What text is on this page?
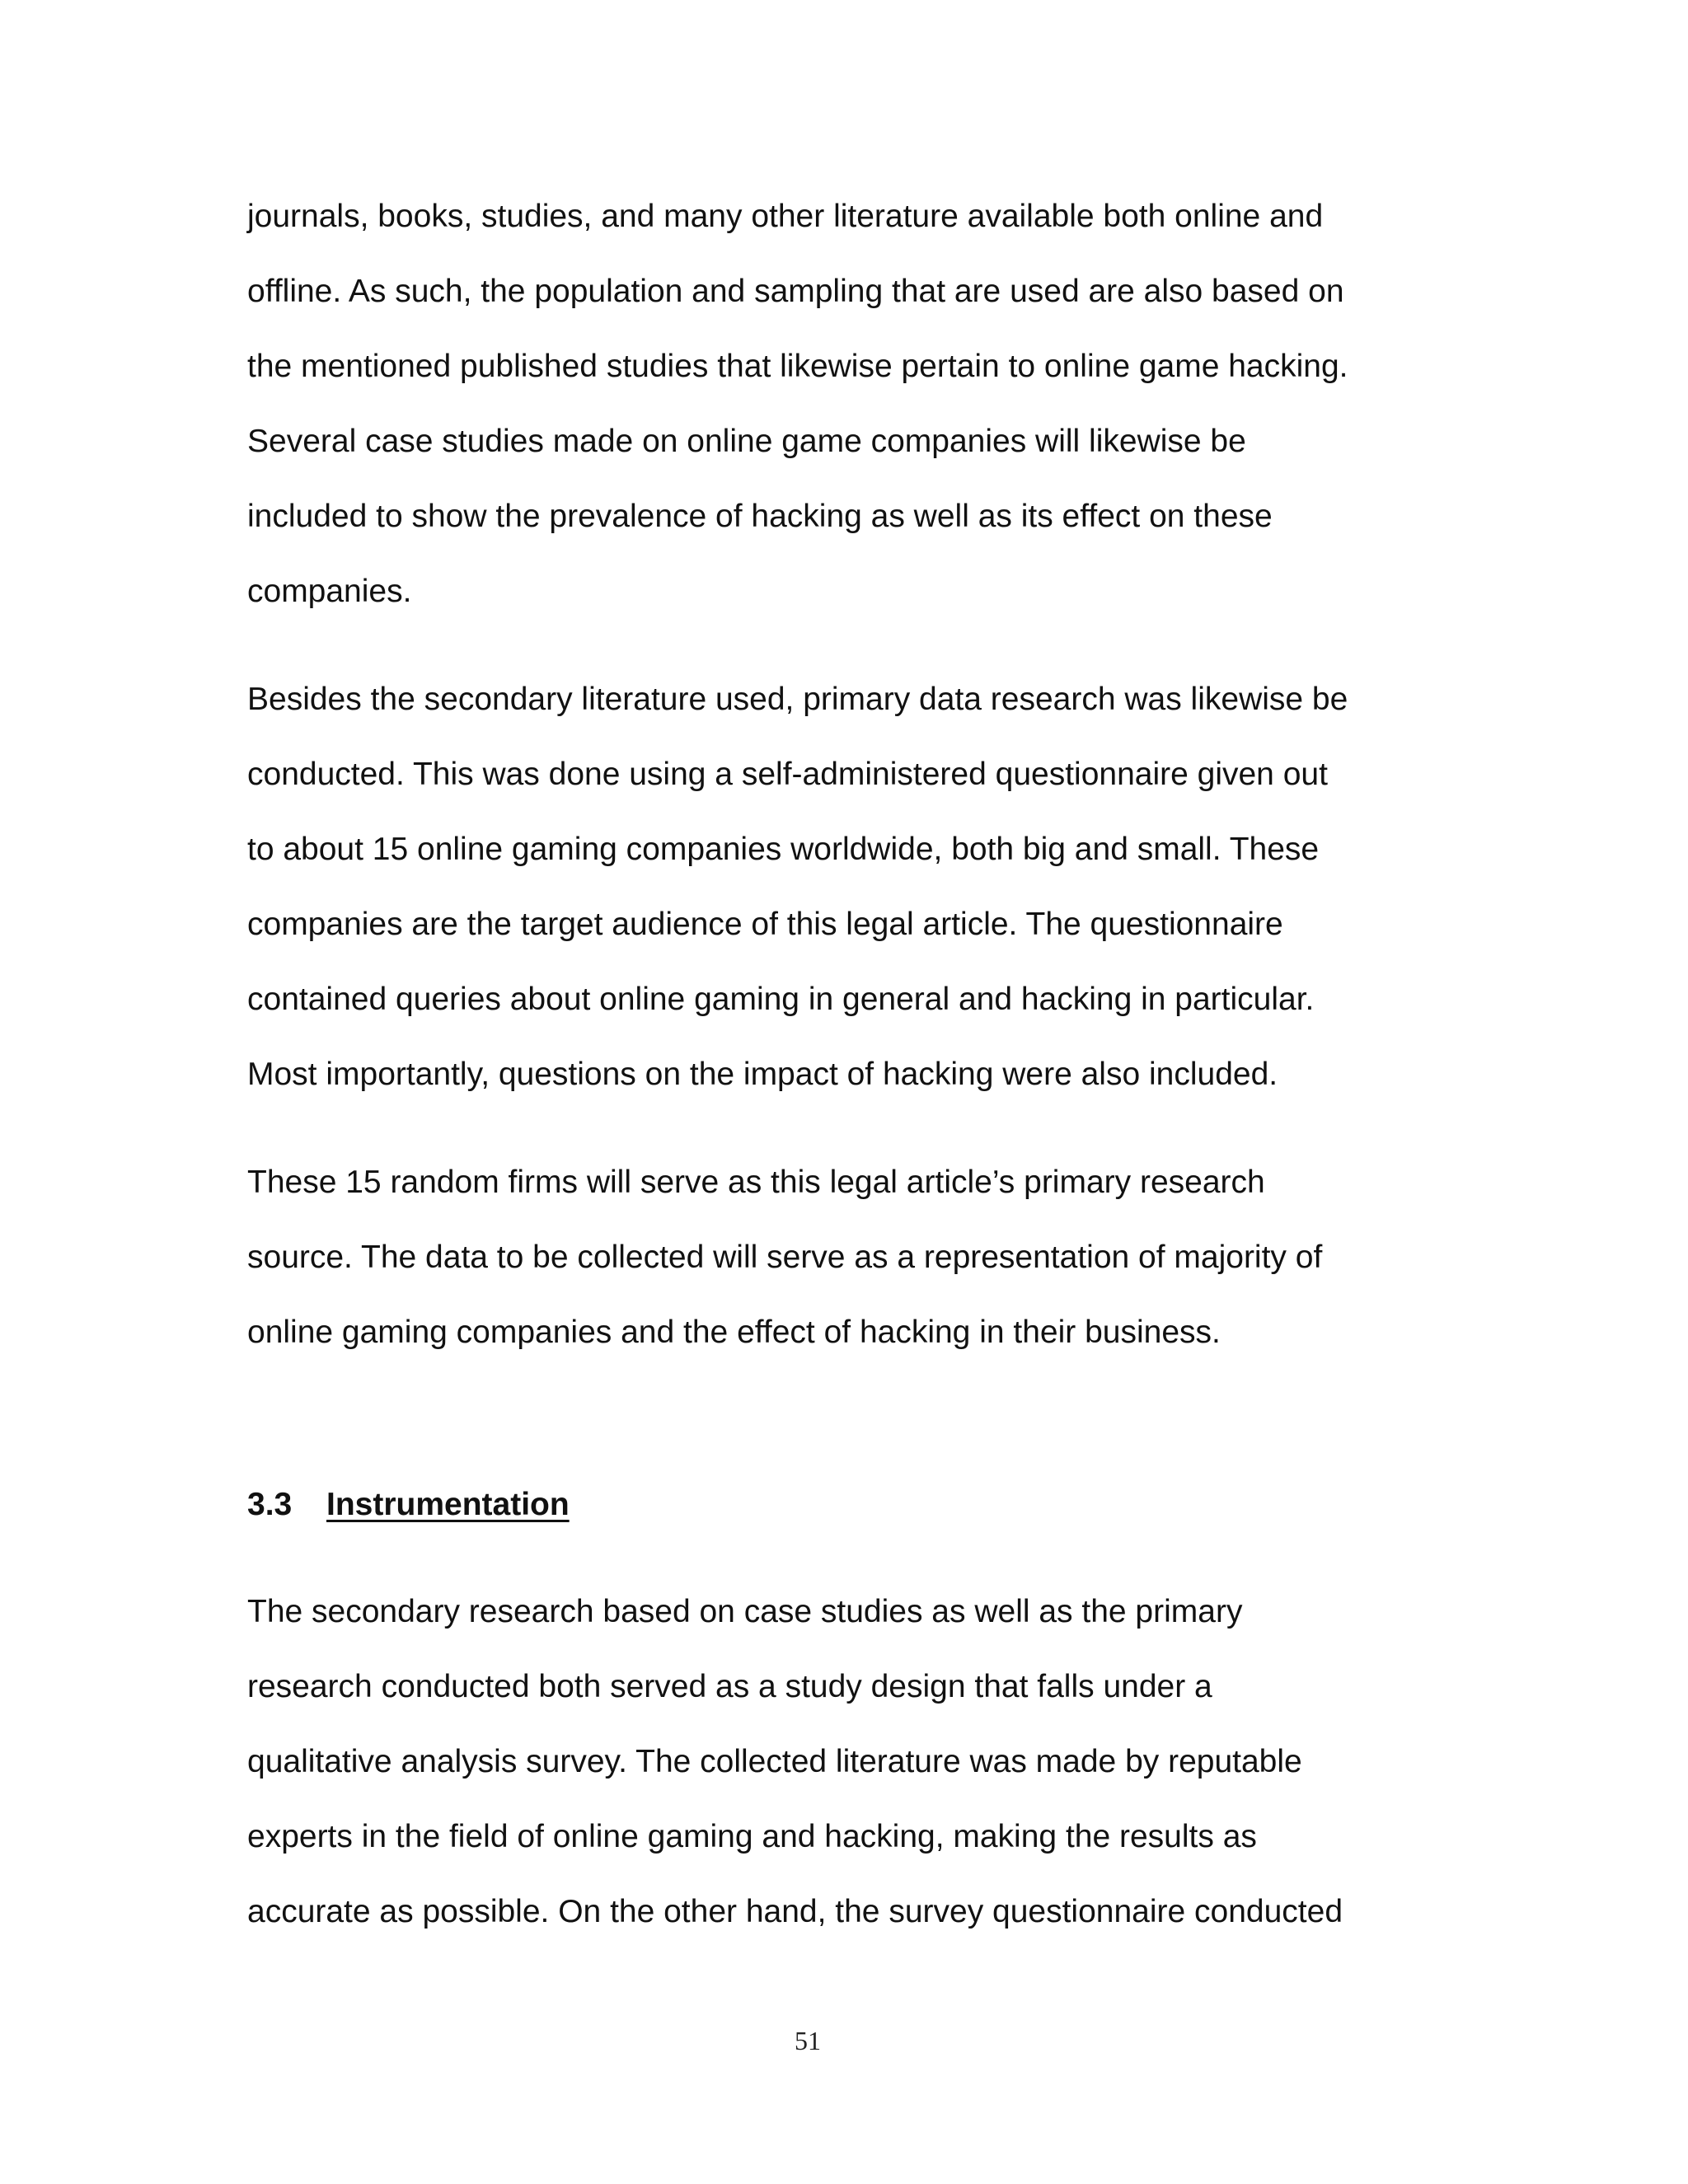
journals, books, studies, and many other literature available both online and
offline. As such, the population and sampling that are used are also based on
the mentioned published studies that likewise pertain to online game hacking.
Several case studies made on online game companies will likewise be
included to show the prevalence of hacking as well as its effect on these
companies.
Besides the secondary literature used, primary data research was likewise be
conducted. This was done using a self-administered questionnaire given out
to about 15 online gaming companies worldwide, both big and small. These
companies are the target audience of this legal article. The questionnaire
contained queries about online gaming in general and hacking in particular.
Most importantly, questions on the impact of hacking were also included.
These 15 random firms will serve as this legal article’s primary research
source. The data to be collected will serve as a representation of majority of
online gaming companies and the effect of hacking in their business.
3.3 Instrumentation
The secondary research based on case studies as well as the primary
research conducted both served as a study design that falls under a
qualitative analysis survey. The collected literature was made by reputable
experts in the field of online gaming and hacking, making the results as
accurate as possible. On the other hand, the survey questionnaire conducted
51
